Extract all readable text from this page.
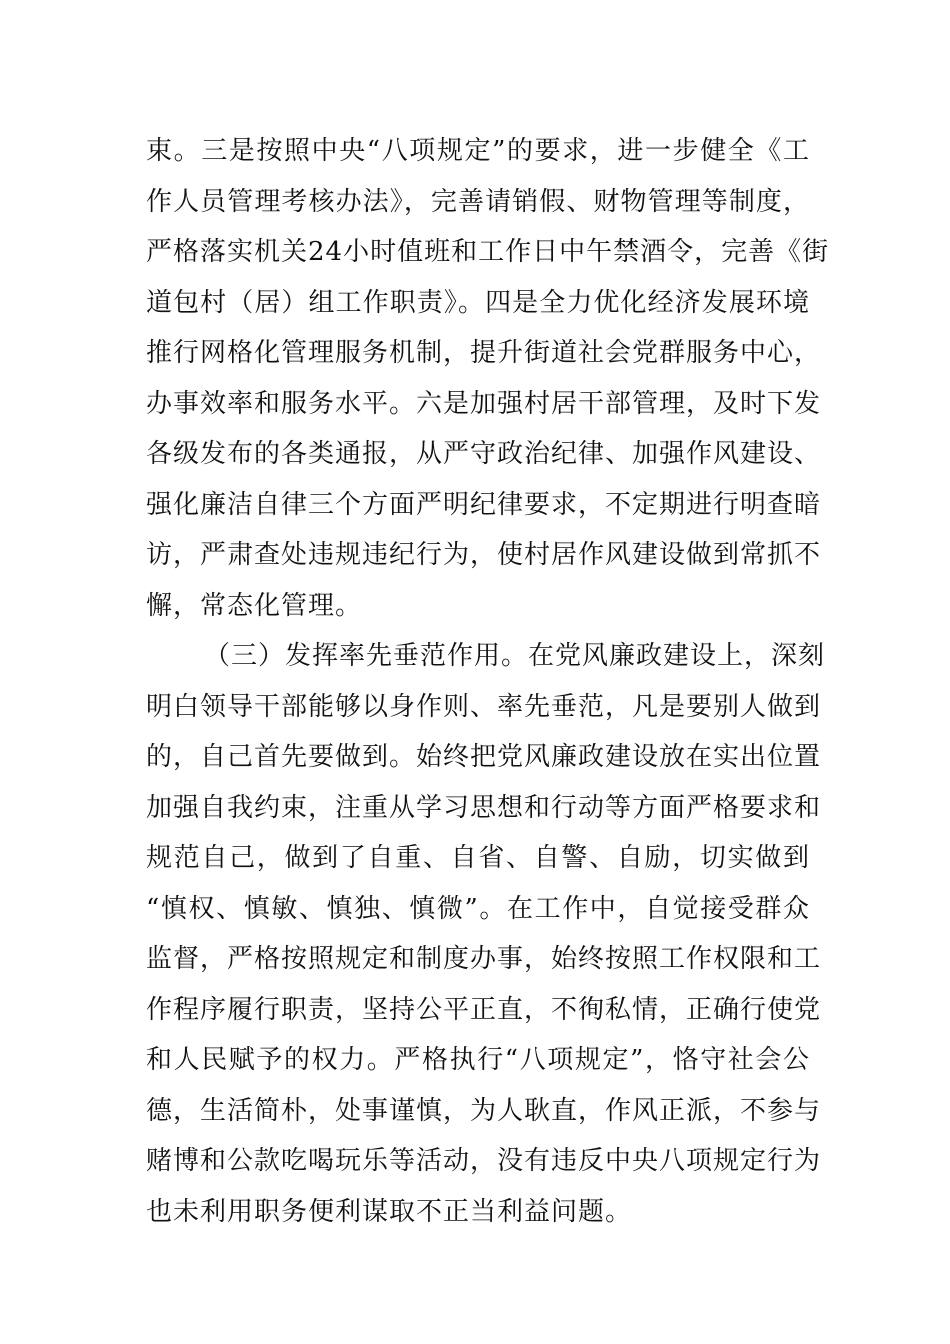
束。三是按照中央“八项规定”的要求，进一步健全《工
作人员管理考核办法》，完善请销假、财物管理等制度，
严格落实机关24小时值班和工作日中午禁酒令，完善《街
道包村（居）组工作职责》。四是全力优化经济发展环境
推行网格化管理服务机制，提升街道社会党群服务中心，
办事效率和服务水平。六是加强村居干部管理，及时下发
各级发布的各类通报，从严守政治纪律、加强作风建设、
强化廉洁自律三个方面严明纪律要求，不定期进行明查暗
访，严肃查处违规违纪行为，使村居作风建设做到常抓不
懈，常态化管理。
（三）发挥率先垂范作用。在党风廉政建设上，深刻
明白领导干部能够以身作则、率先垂范，凡是要别人做到
的，自己首先要做到。始终把党风廉政建设放在实出位置
加强自我约束，注重从学习思想和行动等方面严格要求和
规范自己，做到了自重、自省、自警、自励，切实做到
“慎权、慎敏、慎独、慎微”。在工作中，自觉接受群众
监督，严格按照规定和制度办事，始终按照工作权限和工
作程序履行职责，坚持公平正直，不徇私情，正确行使党
和人民赋予的权力。严格执行“八项规定”，恪守社会公
德，生活简朴，处事谨慎，为人耿直，作风正派，不参与
赌博和公款吃喝玩乐等活动，没有违反中央八项规定行为
也未利用职务便利谋取不正当利益问题。
